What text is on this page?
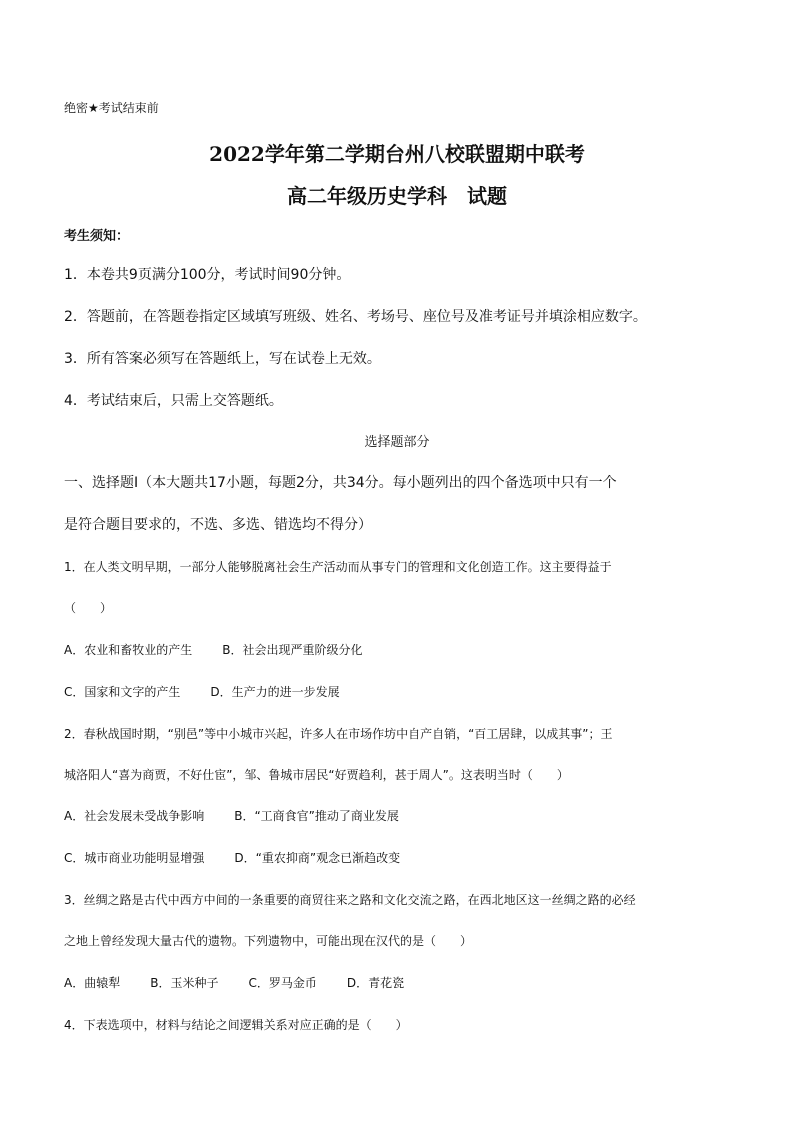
绝密★考试结束前
2022学年第二学期台州八校联盟期中联考
高二年级历史学科　试题
考生须知：
1．本卷共9页满分100分，考试时间90分钟。
2．答题前，在答题卷指定区域填写班级、姓名、考场号、座位号及准考证号并填涂相应数字。
3．所有答案必须写在答题纸上，写在试卷上无效。
4．考试结束后，只需上交答题纸。
选择题部分
一、选择题Ⅰ（本大题共17小题，每题2分，共34分。每小题列出的四个备选项中只有一个
是符合题目要求的，不选、多选、错选均不得分）
1．在人类文明早期，一部分人能够脱离社会生产活动而从事专门的管理和文化创造工作。这主要得益于
（　　）
A．农业和畜牧业的产生	B．社会出现严重阶级分化
C．国家和文字的产生	D．生产力的进一步发展
2．春秋战国时期，“别邑”等中小城市兴起，许多人在市场作坊中自产自销，“百工居肆，以成其事”；王
城洛阳人“喜为商贾，不好仕宦”，邹、鲁城市居民“好贾趋利，甚于周人”。这表明当时（　　）
A．社会发展未受战争影响	B．“工商食官”推动了商业发展
C．城市商业功能明显增强	D．“重农抑商”观念已渐趋改变
3．丝绸之路是古代中西方中间的一条重要的商贸往来之路和文化交流之路，在西北地区这一丝绸之路的必经
之地上曾经发现大量古代的遗物。下列遗物中，可能出现在汉代的是（　　）
A．曲辕犁	B．玉米种子	C．罗马金币	D．青花瓷
4．下表选项中，材料与结论之间逻辑关系对应正确的是（　　）
